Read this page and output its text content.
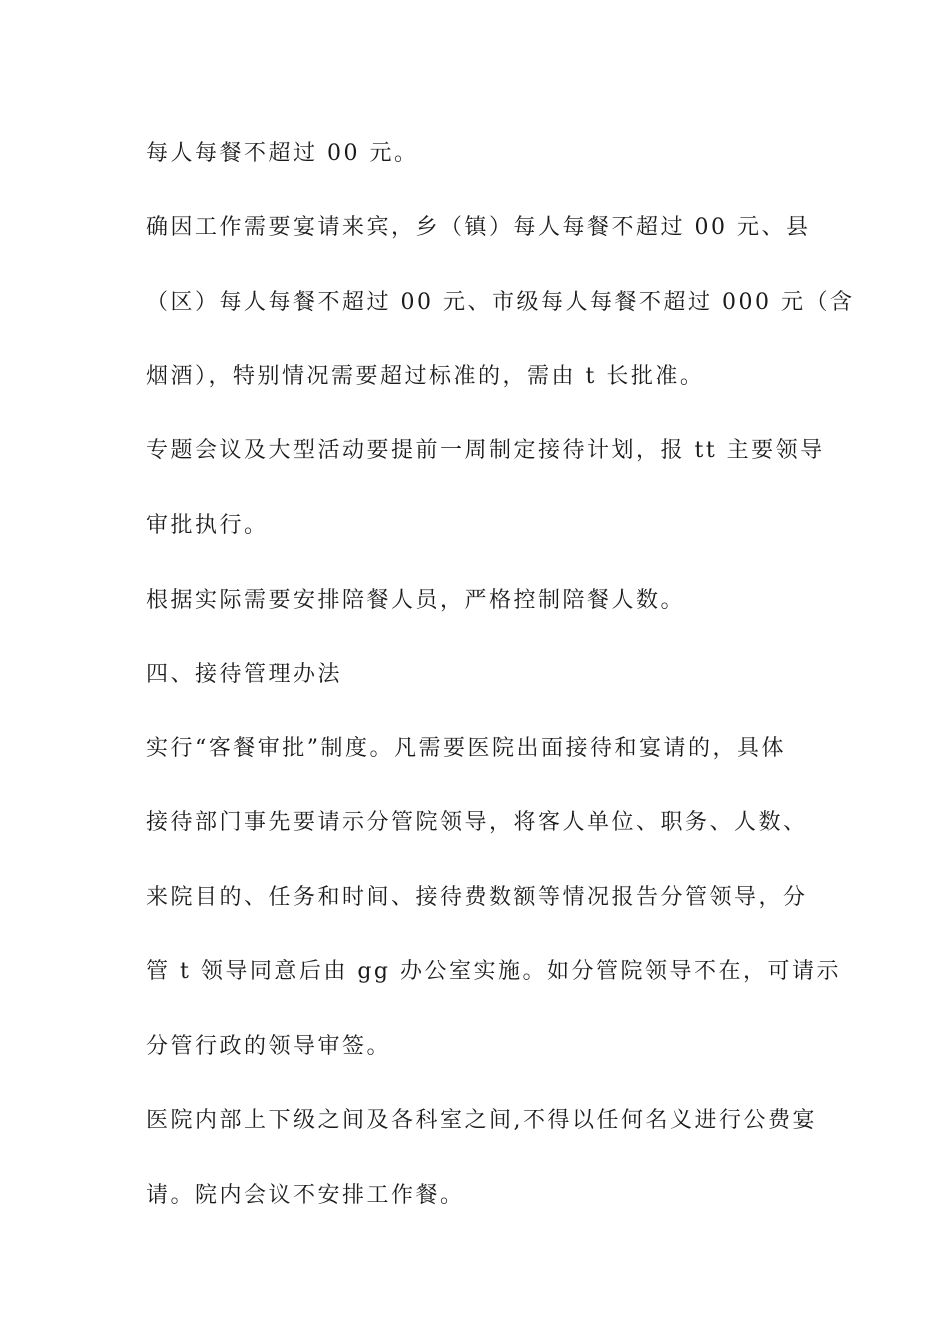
每人每餐不超过 00 元。
确因工作需要宴请来宾，乡（镇）每人每餐不超过 00 元、县
（区）每人每餐不超过 00 元、市级每人每餐不超过 000 元（含
烟酒），特别情况需要超过标准的，需由 t 长批准。
专题会议及大型活动要提前一周制定接待计划，报 tt 主要领导
审批执行。
根据实际需要安排陪餐人员，严格控制陪餐人数。
四、接待管理办法
实行“客餐审批”制度。凡需要医院出面接待和宴请的，具体
接待部门事先要请示分管院领导，将客人单位、职务、人数、
来院目的、任务和时间、接待费数额等情况报告分管领导，分
管 t 领导同意后由 gg 办公室实施。如分管院领导不在，可请示
分管行政的领导审签。
医院内部上下级之间及各科室之间,不得以任何名义进行公费宴
请。院内会议不安排工作餐。
